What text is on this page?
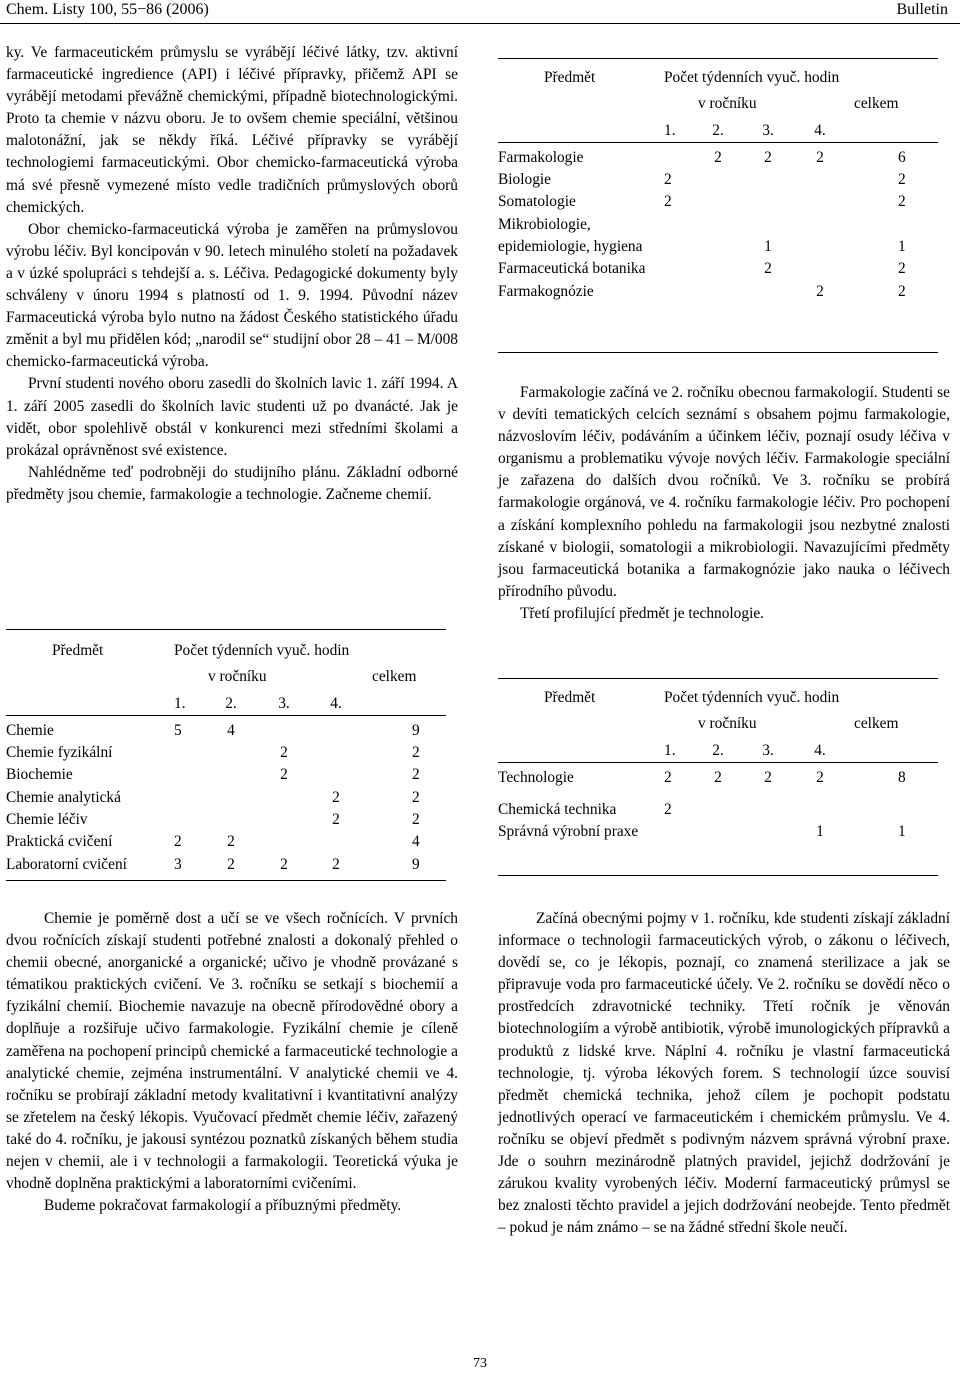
Chem. Listy 100, 55−86 (2006)	Bulletin

ky. Ve farmaceutickém průmyslu se vyrábějí léčivé látky, tzv. aktivní farmaceutické ingredience (API) i léčivé přípravky, přičemž API se vyrábějí metodami převážně chemickými, případně biotechnologickými. Proto ta chemie v názvu oboru. Je to ovšem chemie speciální, většinou malotonážní, jak se někdy říká. Léčivé přípravky se vyrábějí technologiemi farmaceutickými. Obor chemicko-farmaceutická výroba má své přesně vymezené místo vedle tradičních průmyslových oborů chemických.

Obor chemicko-farmaceutická výroba je zaměřen na průmyslovou výrobu léčiv. Byl koncipován v 90. letech minulého století na požadavek a v úzké spolupráci s tehdejší a. s. Léčiva. Pedagogické dokumenty byly schváleny v únoru 1994 s platností od 1. 9. 1994. Původní název Farmaceutická výroba bylo nutno na žádost Českého statistického úřadu změnit a byl mu přidělen kód; „narodil se“ studijní obor 28 – 41 – M/008 chemicko-farmaceutická výroba.

První studenti nového oboru zasedli do školních lavic 1. září 1994. A 1. září 2005 zasedli do školních lavic studenti už po dvanácté. Jak je vidět, obor spolehlivě obstál v konkurenci mezi středními školami a prokázal oprávněnost své existence.

Nahlédněme teď podrobněji do studijního plánu. Základní odborné předměty jsou chemie, farmakologie a technologie. Začneme chemií.

Předmět	Počet týdenních vyuč. hodin				
	v ročníku				celkem
	1.	2.	3.	4.	
Chemie	5	4			9
Chemie fyzikální			2		2
Biochemie			2		2
Chemie analytická				2	2
Chemie léčiv				2	2
Praktická cvičení	2	2			4
Laboratorní cvičení	3	2	2	2	9
Předmět	Počet týdenních vyuč. hodin				
	v ročníku				celkem
	1.	2.	3.	4.	
Farmakologie		2	2	2	6
Biologie	2				2
Somatologie	2				2
Mikrobiologie, epidemiologie, hygiena			1		1
Farmaceutická botanika			2		2
Farmakognózie				2	2

Farmakologie začíná ve 2. ročníku obecnou farmakologií. Studenti se v devíti tematických celcích seznámí s obsahem pojmu farmakologie, názvoslovím léčiv, podáváním a účinkem léčiv, poznají osudy léčiva v organismu a problematiku vývoje nových léčiv. Farmakologie speciální je zařazena do dalších dvou ročníků. Ve 3. ročníku se probírá farmakologie orgánová, ve 4. ročníku farmakologie léčiv. Pro pochopení a získání komplexního pohledu na farmakologii jsou nezbytné znalosti získané v biologii, somatologii a mikrobiologii. Navazujícími předměty jsou farmaceutická botanika a farmakognózie jako nauka o léčivech přírodního původu.

Třetí profilující předmět je technologie.

Předmět	Počet týdenních vyuč. hodin				
	v ročníku				celkem
	1.	2.	3.	4.	
Technologie	2	2	2	2	8
Chemická technika	2				
Správná výrobní praxe				1	1

Chemie je poměrně dost a učí se ve všech ročnících. V prvních dvou ročnících získají studenti potřebné znalosti a dokonalý přehled o chemii obecné, anorganické a organické; učivo je vhodně provázané s tématikou praktických cvičení. Ve 3. ročníku se setkají s biochemií a fyzikální chemií. Biochemie navazuje na obecně přírodovědné obory a doplňuje a rozšiřuje učivo farmakologie. Fyzikální chemie je cíleně zaměřena na pochopení principů chemické a farmaceutické technologie a analytické chemie, zejména instrumentální. V analytické chemii ve 4. ročníku se probírají základní metody kvalitativní i kvantitativní analýzy se zřetelem na český lékopis. Vyučovací předmět chemie léčiv, zařazený také do 4. ročníku, je jakousi syntézou poznatků získaných během studia nejen v chemii, ale i v technologii a farmakologii. Teoretická výuka je vhodně doplněna praktickými a laboratorními cvičeními.

Budeme pokračovat farmakologií a příbuznými předměty.

Začíná obecnými pojmy v 1. ročníku, kde studenti získají základní informace o technologii farmaceutických výrob, o zákonu o léčivech, dovědí se, co je lékopis, poznají, co znamená sterilizace a jak se připravuje voda pro farmaceutické účely. Ve 2. ročníku se dovědí něco o prostředcích zdravotnické techniky. Třetí ročník je věnován biotechnologiím a výrobě antibiotik, výrobě imunologických přípravků a produktů z lidské krve. Náplní 4. ročníku je vlastní farmaceutická technologie, tj. výroba lékových forem. S technologií úzce souvisí předmět chemická technika, jehož cílem je pochopit podstatu jednotlivých operací ve farmaceutickém i chemickém průmyslu. Ve 4. ročníku se objeví předmět s podivným názvem správná výrobní praxe. Jde o souhrn mezinárodně platných pravidel, jejichž dodržování je zárukou kvality vyrobených léčiv. Moderní farmaceutický průmysl se bez znalosti těchto pravidel a jejich dodržování neobejde. Tento předmět – pokud je nám známo – se na žádné střední škole neučí.

73
